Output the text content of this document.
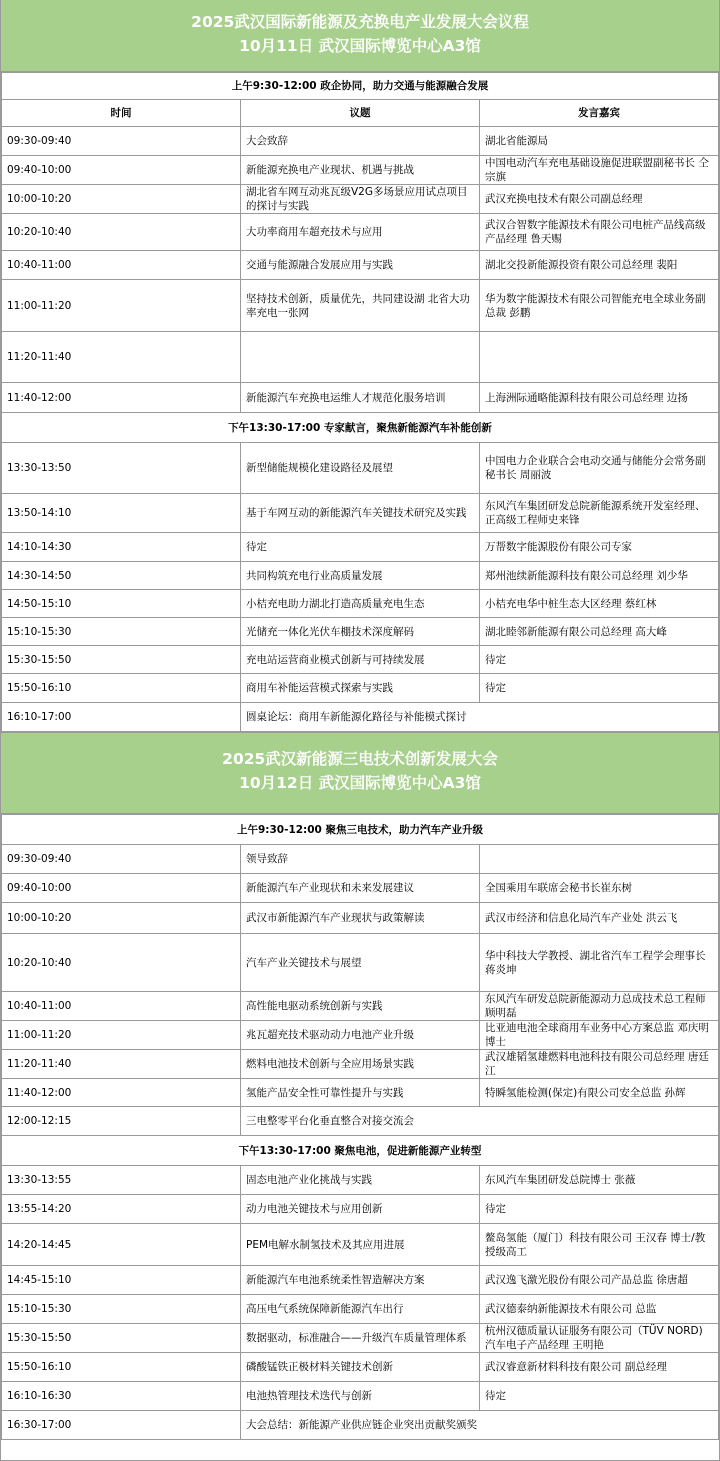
2025武汉国际新能源及充换电产业发展大会议程
10月11日 武汉国际博览中心A3馆
上午9:30-12:00 政企协同，助力交通与能源融合发展		
时间	议题	发言嘉宾
09:30-09:40	大会致辞	湖北省能源局
09:40-10:00	新能源充换电产业现状、机遇与挑战	中国电动汽车充电基础设施促进联盟副秘书长 仝宗旗
10:00-10:20	湖北省车网互动兆瓦级V2G多场景应用试点项目的探讨与实践	武汉充换电技术有限公司副总经理
10:20-10:40	大功率商用车超充技术与应用	武汉合智数字能源技术有限公司电桩产品线高级产品经理 鲁天赐
10:40-11:00	交通与能源融合发展应用与实践	湖北交投新能源投资有限公司总经理 裴阳
11:00-11:20	坚持技术创新，质量优先，共同建设湖 北省大功率充电一张网	华为数字能源技术有限公司智能充电全球业务副总裁 彭鹏
11:20-11:40		
11:40-12:00	新能源汽车充换电运维人才规范化服务培训	上海洲际通略能源科技有限公司总经理 边扬
下午13:30-17:00 专家献言，聚焦新能源汽车补能创新		
13:30-13:50	新型储能规模化建设路径及展望	中国电力企业联合会电动交通与储能分会常务副秘书长 周丽波
13:50-14:10	基于车网互动的新能源汽车关键技术研究及实践	东风汽车集团研发总院新能源系统开发室经理、正高级工程师史来锋
14:10-14:30	待定	万帮数字能源股份有限公司专家
14:30-14:50	共同构筑充电行业高质量发展	郑州池续新能源科技有限公司总经理 刘少华
14:50-15:10	小桔充电助力湖北打造高质量充电生态	小桔充电华中桩生态大区经理 蔡红林
15:10-15:30	光储充一体化光伏车棚技术深度解码	湖北睦邻新能源有限公司总经理 高大峰
15:30-15:50	充电站运营商业模式创新与可持续发展	待定
15:50-16:10	商用车补能运营模式探索与实践	待定
16:10-17:00	圆桌论坛：商用车新能源化路径与补能模式探讨	
2025武汉新能源三电技术创新发展大会
10月12日 武汉国际博览中心A3馆
上午9:30-12:00 聚焦三电技术，助力汽车产业升级		
09:30-09:40	领导致辞	
09:40-10:00	新能源汽车产业现状和未来发展建议	全国乘用车联席会秘书长崔东树
10:00-10:20	武汉市新能源汽车产业现状与政策解读	武汉市经济和信息化局汽车产业处 洪云飞
10:20-10:40	汽车产业关键技术与展望	华中科技大学教授、湖北省汽车工程学会理事长 蒋炎坤
10:40-11:00	高性能电驱动系统创新与实践	东风汽车研发总院新能源动力总成技术总工程师 顾明磊
11:00-11:20	兆瓦超充技术驱动动力电池产业升级	比亚迪电池全球商用车业务中心方案总监 邓庆明博士
11:20-11:40	燃料电池技术创新与全应用场景实践	武汉雄韬氢雄燃料电池科技有限公司总经理 唐廷江
11:40-12:00	氢能产品安全性可靠性提升与实践	特瞬氢能检测(保定)有限公司安全总监 孙辉
12:00-12:15	三电整零平台化垂直整合对接交流会	
下午13:30-17:00 聚焦电池，促进新能源产业转型		
13:30-13:55	固态电池产业化挑战与实践	东风汽车集团研发总院博士 张薇
13:55-14:20	动力电池关键技术与应用创新	待定
14:20-14:45	PEM电解水制氢技术及其应用进展	鳌岛氢能（厦门）科技有限公司 王汉春 博士/教授级高工
14:45-15:10	新能源汽车电池系统柔性智造解决方案	武汉逸飞激光股份有限公司产品总监 徐唐超
15:10-15:30	高压电气系统保障新能源汽车出行	武汉德泰纳新能源技术有限公司 总监
15:30-15:50	数据驱动，标准融合——升级汽车质量管理体系	杭州汉德质量认证服务有限公司（TÜV NORD)汽车电子产品经理 王明艳
15:50-16:10	磷酸锰铁正极材料关键技术创新	武汉睿意新材料科技有限公司 副总经理
16:10-16:30	电池热管理技术迭代与创新	待定
16:30-17:00	大会总结：新能源产业供应链企业突出贡献奖颁奖	
